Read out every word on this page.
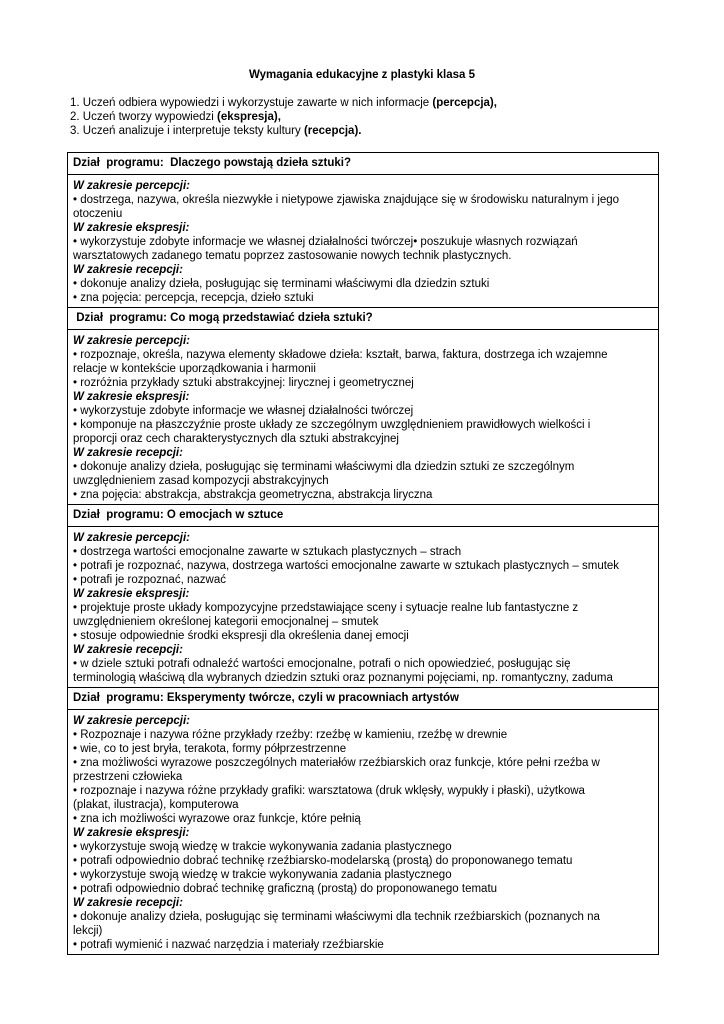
Wymagania edukacyjne z plastyki klasa 5
1. Uczeń odbiera wypowiedzi i wykorzystuje zawarte w nich informacje (percepcja),
2. Uczeń tworzy wypowiedzi (ekspresja),
3. Uczeń analizuje i interpretuje teksty kultury (recepcja).
Dział  programu:  Dlaczego powstają dzieła sztuki?
W zakresie percepcji:
• dostrzega, nazywa, określa niezwykłe i nietypowe zjawiska znajdujące się w środowisku naturalnym i jego
otoczeniu
W zakresie ekspresji:
• wykorzystuje zdobyte informacje we własnej działalności twórczej• poszukuje własnych rozwiązań
warsztatowych zadanego tematu poprzez zastosowanie nowych technik plastycznych.
W zakresie recepcji:
• dokonuje analizy dzieła, posługując się terminami właściwymi dla dziedzin sztuki
• zna pojęcia: percepcja, recepcja, dzieło sztuki
Dział  programu: Co mogą przedstawiać dzieła sztuki?
W zakresie percepcji:
• rozpoznaje, określa, nazywa elementy składowe dzieła: kształt, barwa, faktura, dostrzega ich wzajemne
relacje w kontekście uporządkowania i harmonii
• rozróżnia przykłady sztuki abstrakcyjnej: lirycznej i geometrycznej
W zakresie ekspresji:
• wykorzystuje zdobyte informacje we własnej działalności twórczej
• komponuje na płaszczyźnie proste układy ze szczególnym uwzględnieniem prawidłowych wielkości i
proporcji oraz cech charakterystycznych dla sztuki abstrakcyjnej
W zakresie recepcji:
• dokonuje analizy dzieła, posługując się terminami właściwymi dla dziedzin sztuki ze szczególnym
uwzględnieniem zasad kompozycji abstrakcyjnych
• zna pojęcia: abstrakcja, abstrakcja geometryczna, abstrakcja liryczna
Dział  programu: O emocjach w sztuce
W zakresie percepcji:
• dostrzega wartości emocjonalne zawarte w sztukach plastycznych – strach
• potrafi je rozpoznać, nazywa, dostrzega wartości emocjonalne zawarte w sztukach plastycznych – smutek
• potrafi je rozpoznać, nazwać
W zakresie ekspresji:
• projektuje proste układy kompozycyjne przedstawiające sceny i sytuacje realne lub fantastyczne z
uwzględnieniem określonej kategorii emocjonalnej – smutek
• stosuje odpowiednie środki ekspresji dla określenia danej emocji
W zakresie recepcji:
• w dziele sztuki potrafi odnaleźć wartości emocjonalne, potrafi o nich opowiedzieć, posługując się
terminologią właściwą dla wybranych dziedzin sztuki oraz poznanymi pojęciami, np. romantyczny, zaduma
Dział  programu: Eksperymenty twórcze, czyli w pracowniach artystów
W zakresie percepcji:
• Rozpoznaje i nazywa różne przykłady rzeźby: rzeźbę w kamieniu, rzeźbę w drewnie
• wie, co to jest bryła, terakota, formy półprzestrzenne
• zna możliwości wyrazowe poszczególnych materiałów rzeźbiarskich oraz funkcje, które pełni rzeźba w
przestrzeni człowieka
• rozpoznaje i nazywa różne przykłady grafiki: warsztatowa (druk wklęsły, wypukły i płaski), użytkowa
(plakat, ilustracja), komputerowa
• zna ich możliwości wyrazowe oraz funkcje, które pełnią
W zakresie ekspresji:
• wykorzystuje swoją wiedzę w trakcie wykonywania zadania plastycznego
• potrafi odpowiednio dobrać technikę rzeźbiarsko-modelarską (prostą) do proponowanego tematu
• wykorzystuje swoją wiedzę w trakcie wykonywania zadania plastycznego
• potrafi odpowiednio dobrać technikę graficzną (prostą) do proponowanego tematu
W zakresie recepcji:
• dokonuje analizy dzieła, posługując się terminami właściwymi dla technik rzeźbiarskich (poznanych na
lekcji)
• potrafi wymienić i nazwać narzędzia i materiały rzeźbiarskie
